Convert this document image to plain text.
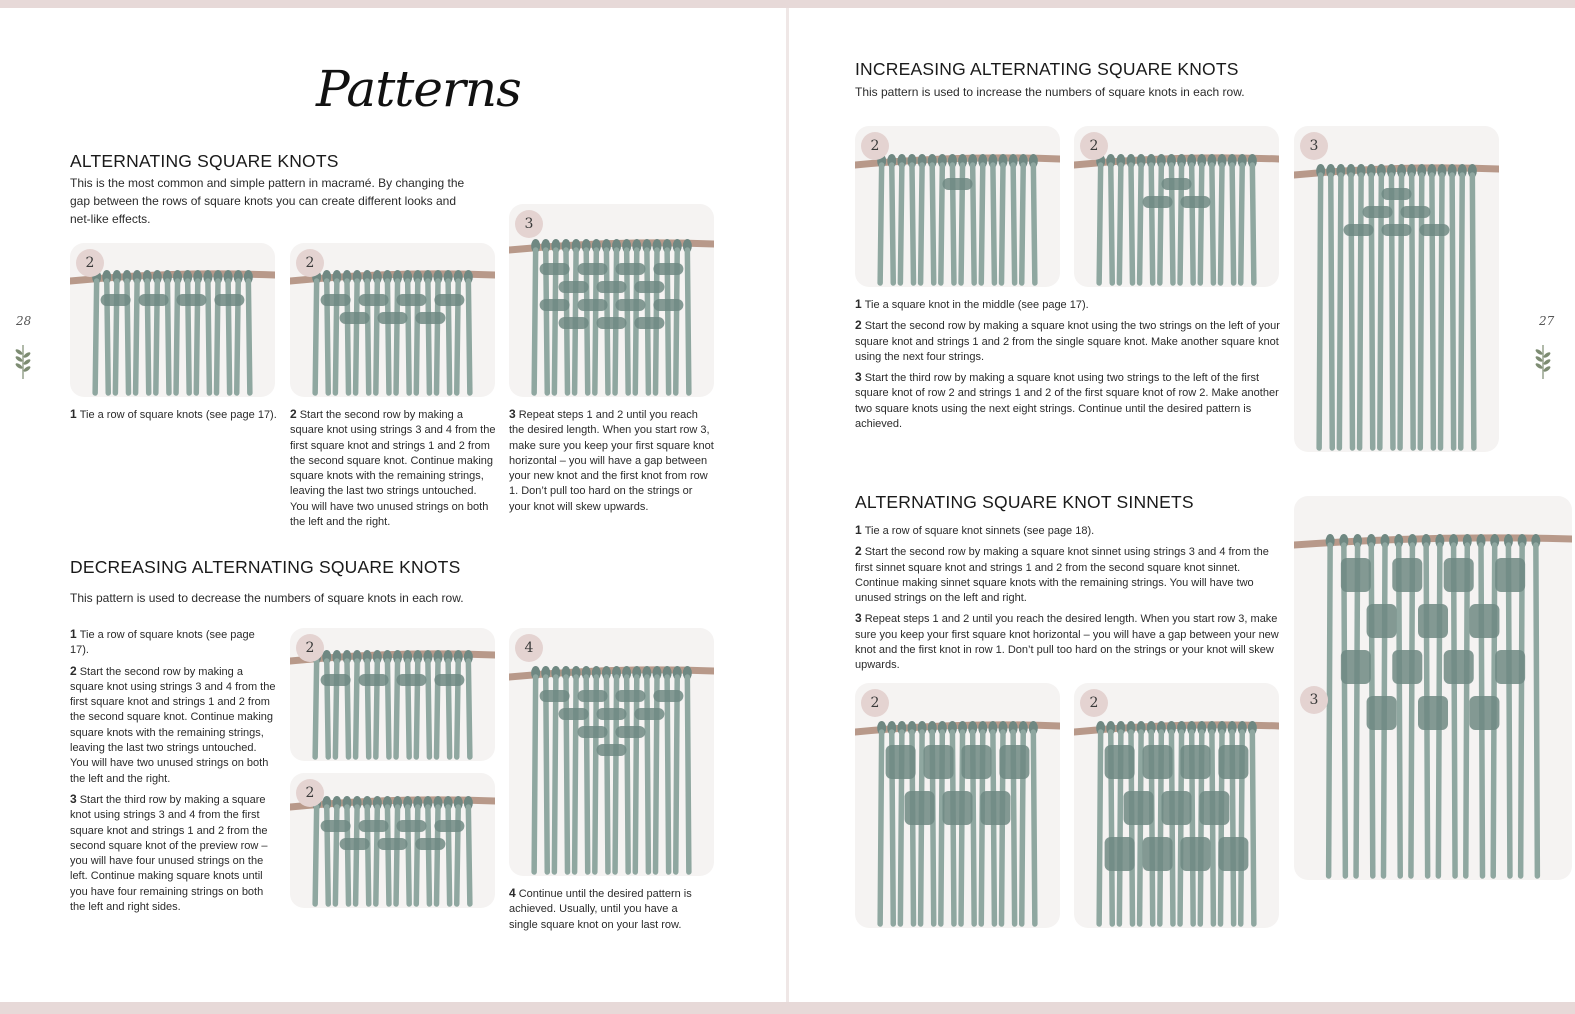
Patterns
ALTERNATING SQUARE KNOTS
This is the most common and simple pattern in macramé. By changing the gap between the rows of square knots you can create different looks and net-like effects.
2	2
3

1 Tie a row of square knots (see page 17). 2 Start the second row by making a square knot using strings 3 and 4 from the first square knot and strings 1 and 2 from the second square knot. Continue making square knots with the remaining strings, leaving the last two strings untouched. You will have two unused strings on both the left and the right.

3 Repeat steps 1 and 2 until you reach the desired length. When you start row 3, make sure you keep your first square knot horizontal – you will have a gap between your new knot and the first knot from row 1. Don’t pull too hard on the strings or your knot will skew upwards.

DECREASING ALTERNATING SQUARE KNOTS
This pattern is used to decrease the numbers of square knots in each row.

1 Tie a row of square knots (see page 17).

2 Start the second row by making a square knot using strings 3 and 4 from the first square knot and strings 1 and 2 from the second square knot. Continue making square knots with the remaining strings, leaving the last two strings untouched. You will have two unused strings on both the left and the right.

3 Start the third row by making a square knot using strings 3 and 4 from the first square knot and strings 1 and 2 from the second square knot of the preview row – you will have four unused strings on the left. Continue making square knots until you have four remaining strings on both the left and right sides.

2
2
4

4 Continue until the desired pattern is achieved. Usually, until you have a single square knot on your last row.

28
INCREASING ALTERNATING SQUARE KNOTS
This pattern is used to increase the numbers of square knots in each row.
2	2	3

1 Tie a square knot in the middle (see page 17).

2 Start the second row by making a square knot using the two strings on the left of your square knot and strings 1 and 2 from the single square knot. Make another square knot using the next four strings.

3 Start the third row by making a square knot using two strings to the left of the first square knot of row 2 and strings 1 and 2 of the first square knot of row 2. Make another two square knots using the next eight strings. Continue until the desired pattern is achieved.

ALTERNATING SQUARE KNOT SINNETS

1 Tie a row of square knot sinnets (see page 18).

2 Start the second row by making a square knot sinnet using strings 3 and 4 from the first sinnet square knot and strings 1 and 2 from the second square knot sinnet. Continue making sinnet square knots with the remaining strings. You will have two unused strings on the left and right.

3 Repeat steps 1 and 2 until you reach the desired length. When you start row 3, make sure you keep your first square knot horizontal – you will have a gap between your new knot and the first knot in row 1. Don’t pull too hard on the strings or your knot will skew upwards.

2	2	3
27
